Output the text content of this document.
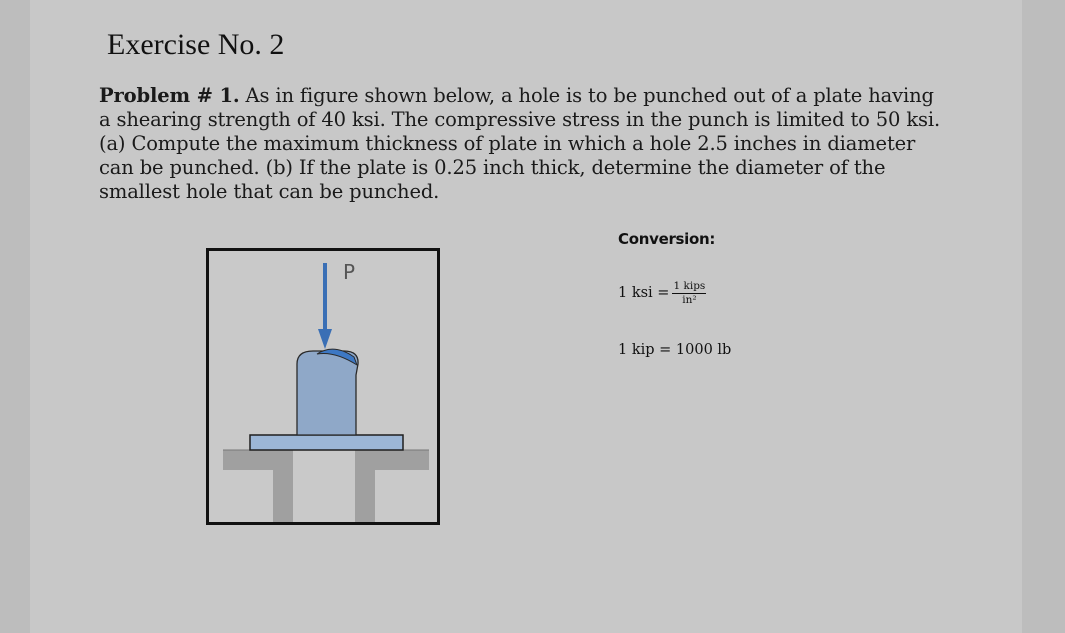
Exercise No. 2

Problem # 1. As in figure shown below, a hole is to be punched out of a plate having a shearing strength of 40 ksi. The compressive stress in the punch is limited to 50 ksi. (a) Compute the maximum thickness of plate in which a hole 2.5 inches in diameter can be punched. (b) If the plate is 0.25 inch thick, determine the diameter of the smallest hole that can be punched.

P
Conversion:
1 ksi = $\frac{\text{1 kips}}{\text{in²}}$
1 kip = 1000 lb
